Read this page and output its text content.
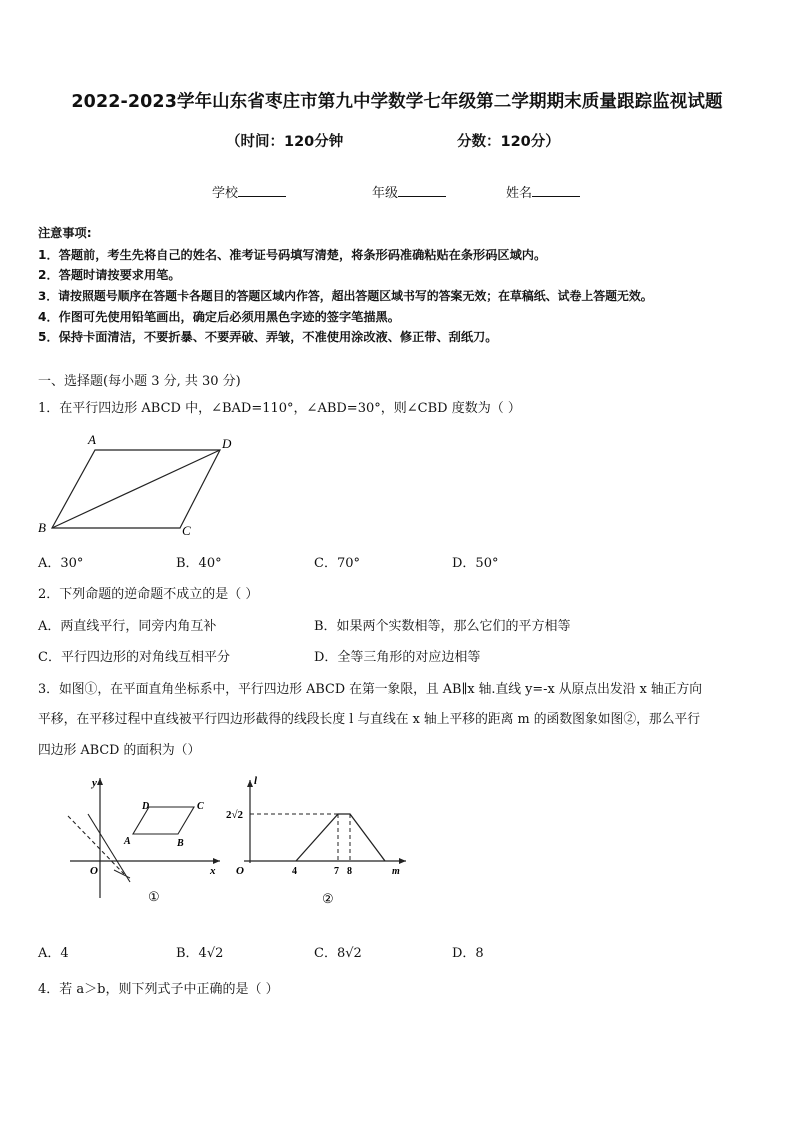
2022-2023学年山东省枣庄市第九中学数学七年级第二学期期末质量跟踪监视试题
（时间：120分钟	分数：120分）
学校	年级	姓名
注意事项:
1．答题前，考生先将自己的姓名、准考证号码填写清楚，将条形码准确粘贴在条形码区域内。
2．答题时请按要求用笔。
3．请按照题号顺序在答题卡各题目的答题区域内作答，超出答题区域书写的答案无效；在草稿纸、试卷上答题无效。
4．作图可先使用铅笔画出，确定后必须用黑色字迹的签字笔描黑。
5．保持卡面清洁，不要折暴、不要弄破、弄皱，不准使用涂改液、修正带、刮纸刀。
一、选择题(每小题 3 分, 共 30 分)
1．在平行四边形 ABCD 中，∠BAD=110°，∠ABD=30°，则∠CBD 度数为（ ）
A	D
B	C
A．30°	B．40°	C．70°	D．50°
2．下列命题的逆命题不成立的是（ ）
A．两直线平行，同旁内角互补	B．如果两个实数相等，那么它们的平方相等
C．平行四边形的对角线互相平分	D．全等三角形的对应边相等
3．如图①，在平面直角坐标系中，平行四边形 ABCD 在第一象限，且 AB∥x 轴.直线 y=-x 从原点出发沿 x 轴正方向
平移，在平移过程中直线被平行四边形截得的线段长度 l 与直线在 x 轴上平移的距离 m 的函数图象如图②，那么平行
四边形 ABCD 的面积为（）
y
x
O
A	B
C
D
①
l
m
O
2√2
4	7 8
②
A．4	B．4√2	C．8√2	D．8
4．若 a＞b，则下列式子中正确的是（ ）
